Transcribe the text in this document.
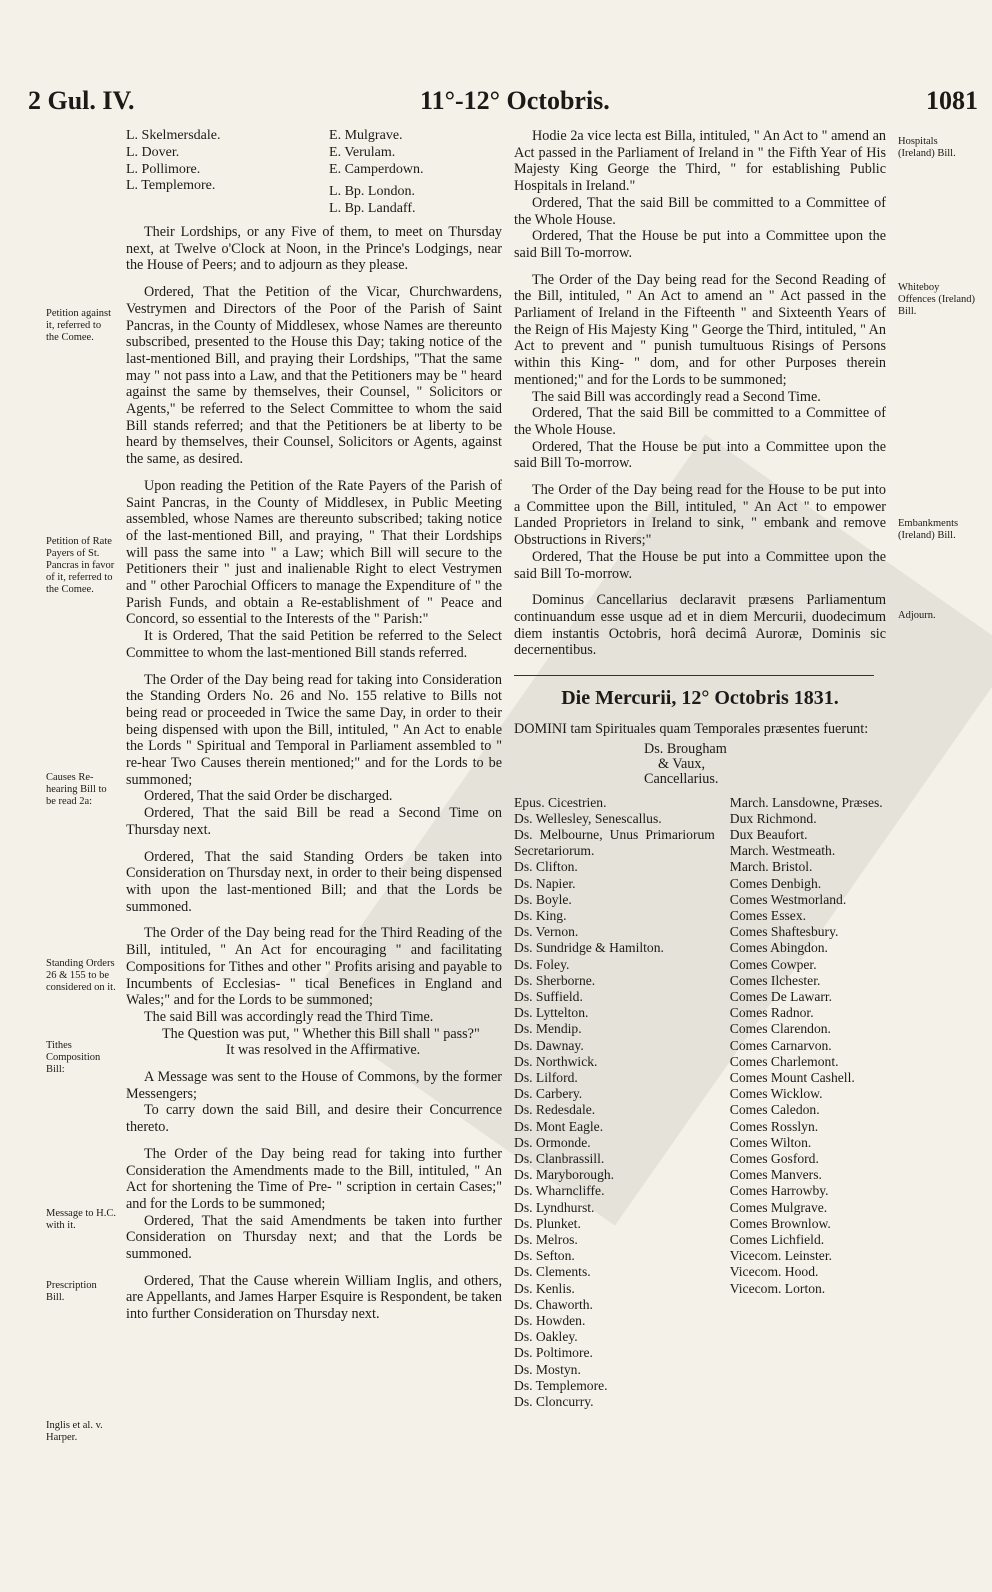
2 Gul. IV.	11°-12° Octobris.	1081

L. Skelmersdale.

L. Dover.

L. Pollimore.

L. Templemore.

E. Mulgrave.

E. Verulam.

E. Camperdown.

L. Bp. London.

L. Bp. Landaff.

Their Lordships, or any Five of them, to meet on Thursday next, at Twelve o'Clock at Noon, in the Prince's Lodgings, near the House of Peers; and to adjourn as they please.

Ordered, That the Petition of the Vicar, Churchwardens, Vestrymen and Directors of the Poor of the Parish of Saint Pancras, in the County of Middlesex, whose Names are thereunto subscribed, presented to the House this Day; taking notice of the last-mentioned Bill, and praying their Lordships, "That the same may " not pass into a Law, and that the Petitioners may be " heard against the same by themselves, their Counsel, " Solicitors or Agents," be referred to the Select Committee to whom the said Bill stands referred; and that the Petitioners be at liberty to be heard by themselves, their Counsel, Solicitors or Agents, against the same, as desired.

Upon reading the Petition of the Rate Payers of the Parish of Saint Pancras, in the County of Middlesex, in Public Meeting assembled, whose Names are thereunto subscribed; taking notice of the last-mentioned Bill, and praying, " That their Lordships will pass the same into " a Law; which Bill will secure to the Petitioners their " just and inalienable Right to elect Vestrymen and " other Parochial Officers to manage the Expenditure of " the Parish Funds, and obtain a Re-establishment of " Peace and Concord, so essential to the Interests of the " Parish:"

It is Ordered, That the said Petition be referred to the Select Committee to whom the last-mentioned Bill stands referred.

The Order of the Day being read for taking into Consideration the Standing Orders No. 26 and No. 155 relative to Bills not being read or proceeded in Twice the same Day, in order to their being dispensed with upon the Bill, intituled, " An Act to enable the Lords " Spiritual and Temporal in Parliament assembled to " re-hear Two Causes therein mentioned;" and for the Lords to be summoned;

Ordered, That the said Order be discharged.

Ordered, That the said Bill be read a Second Time on Thursday next.

Ordered, That the said Standing Orders be taken into Consideration on Thursday next, in order to their being dispensed with upon the last-mentioned Bill; and that the Lords be summoned.

The Order of the Day being read for the Third Reading of the Bill, intituled, " An Act for encouraging " and facilitating Compositions for Tithes and other " Profits arising and payable to Incumbents of Ecclesias- " tical Benefices in England and Wales;" and for the Lords to be summoned;

The said Bill was accordingly read the Third Time.

The Question was put, " Whether this Bill shall " pass?"

It was resolved in the Affirmative.

A Message was sent to the House of Commons, by the former Messengers;

To carry down the said Bill, and desire their Concurrence thereto.

The Order of the Day being read for taking into further Consideration the Amendments made to the Bill, intituled, " An Act for shortening the Time of Pre- " scription in certain Cases;" and for the Lords to be summoned;

Ordered, That the said Amendments be taken into further Consideration on Thursday next; and that the Lords be summoned.

Ordered, That the Cause wherein William Inglis, and others, are Appellants, and James Harper Esquire is Respondent, be taken into further Consideration on Thursday next.

Petition against it, referred to the Comee.
Petition of Rate Payers of St. Pancras in favor of it, referred to the Comee.
Causes Re-hearing Bill to be read 2a:
Standing Orders 26 & 155 to be considered on it.
Tithes Composition Bill:
Message to H.C. with it.
Prescription Bill.
Inglis et al. v. Harper.

Hodie 2a vice lecta est Billa, intituled, " An Act to " amend an Act passed in the Parliament of Ireland in " the Fifth Year of His Majesty King George the Third, " for establishing Public Hospitals in Ireland."

Ordered, That the said Bill be committed to a Committee of the Whole House.

Ordered, That the House be put into a Committee upon the said Bill To-morrow.

The Order of the Day being read for the Second Reading of the Bill, intituled, " An Act to amend an " Act passed in the Parliament of Ireland in the Fifteenth " and Sixteenth Years of the Reign of His Majesty King " George the Third, intituled, " An Act to prevent and " punish tumultuous Risings of Persons within this King- " dom, and for other Purposes therein mentioned;" and for the Lords to be summoned;

The said Bill was accordingly read a Second Time.

Ordered, That the said Bill be committed to a Committee of the Whole House.

Ordered, That the House be put into a Committee upon the said Bill To-morrow.

The Order of the Day being read for the House to be put into a Committee upon the Bill, intituled, " An Act " to empower Landed Proprietors in Ireland to sink, " embank and remove Obstructions in Rivers;"

Ordered, That the House be put into a Committee upon the said Bill To-morrow.

Dominus Cancellarius declaravit præsens Parliamentum continuandum esse usque ad et in diem Mercurii, duodecimum diem instantis Octobris, horâ decimâ Auroræ, Dominis sic decernentibus.

Die Mercurii, 12° Octobris 1831.

DOMINI tam Spirituales quam Temporales præsentes fuerunt:

Ds. Brougham

& Vaux,

Cancellarius.

Epus. Cicestrien.

Ds. Wellesley, Senescallus.

Ds. Melbourne, Unus Primariorum Secretariorum.

Ds. Clifton.

Ds. Napier.

Ds. Boyle.

Ds. King.

Ds. Vernon.

Ds. Sundridge & Hamilton.

Ds. Foley.

Ds. Sherborne.

Ds. Suffield.

Ds. Lyttelton.

Ds. Mendip.

Ds. Dawnay.

Ds. Northwick.

Ds. Lilford.

Ds. Carbery.

Ds. Redesdale.

Ds. Mont Eagle.

Ds. Ormonde.

Ds. Clanbrassill.

Ds. Maryborough.

Ds. Wharncliffe.

Ds. Lyndhurst.

Ds. Plunket.

Ds. Melros.

Ds. Sefton.

Ds. Clements.

Ds. Kenlis.

Ds. Chaworth.

Ds. Howden.

Ds. Oakley.

Ds. Poltimore.

Ds. Mostyn.

Ds. Templemore.

Ds. Cloncurry.

March. Lansdowne, Præses.

Dux Richmond.

Dux Beaufort.

March. Westmeath.

March. Bristol.

Comes Denbigh.

Comes Westmorland.

Comes Essex.

Comes Shaftesbury.

Comes Abingdon.

Comes Cowper.

Comes Ilchester.

Comes De Lawarr.

Comes Radnor.

Comes Clarendon.

Comes Carnarvon.

Comes Charlemont.

Comes Mount Cashell.

Comes Wicklow.

Comes Caledon.

Comes Rosslyn.

Comes Wilton.

Comes Gosford.

Comes Manvers.

Comes Harrowby.

Comes Mulgrave.

Comes Brownlow.

Comes Lichfield.

Vicecom. Leinster.

Vicecom. Hood.

Vicecom. Lorton.

Hospitals (Ireland) Bill.
Whiteboy Offences (Ireland) Bill.
Embankments (Ireland) Bill.
Adjourn.
